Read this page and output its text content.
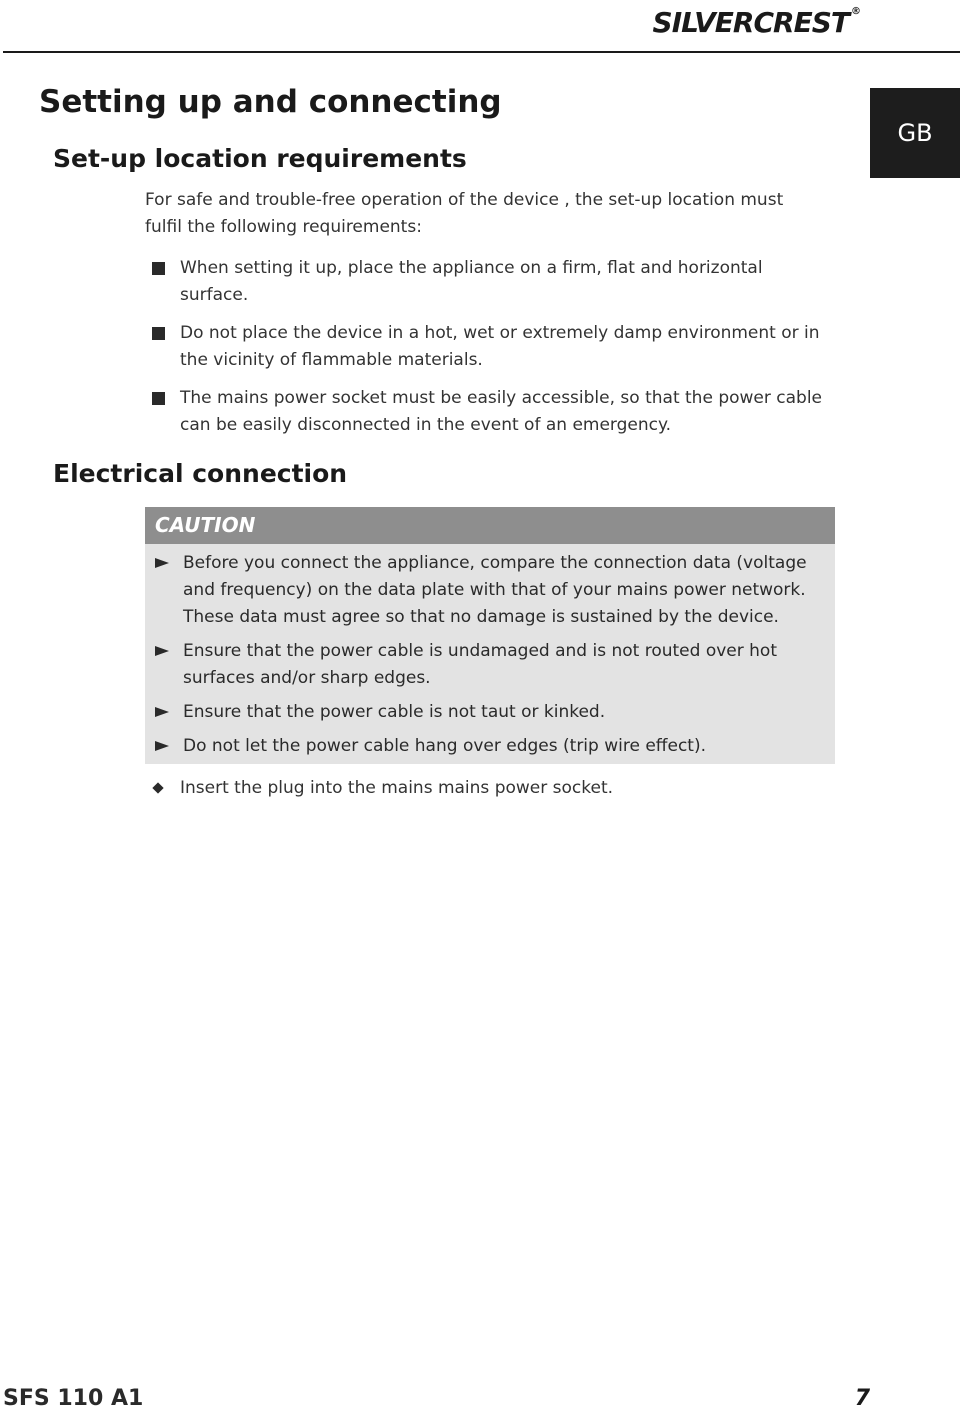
SILVERCREST ®
GB
Setting up and connecting
Set-up location requirements

For safe and trouble-free operation of the device , the set-up location must fulfil the following requirements:

When setting it up, place the appliance on a firm, flat and horizontal surface.
Do not place the device in a hot, wet or extremely damp environment or in the vicinity of flammable materials.
The mains power socket must be easily accessible, so that the power cable can be easily disconnected in the event of an emergency.
Electrical connection
CAUTION
Before you connect the appliance, compare the connection data (voltage and frequency) on the data plate with that of your mains power network. These data must agree so that no damage is sustained by the device.
Ensure that the power cable is undamaged and is not routed over hot surfaces and/or sharp edges.
Ensure that the power cable is not taut or kinked.
Do not let the power cable hang over edges (trip wire effect).
Insert the plug into the mains mains power socket.
SFS 110 A1	7
